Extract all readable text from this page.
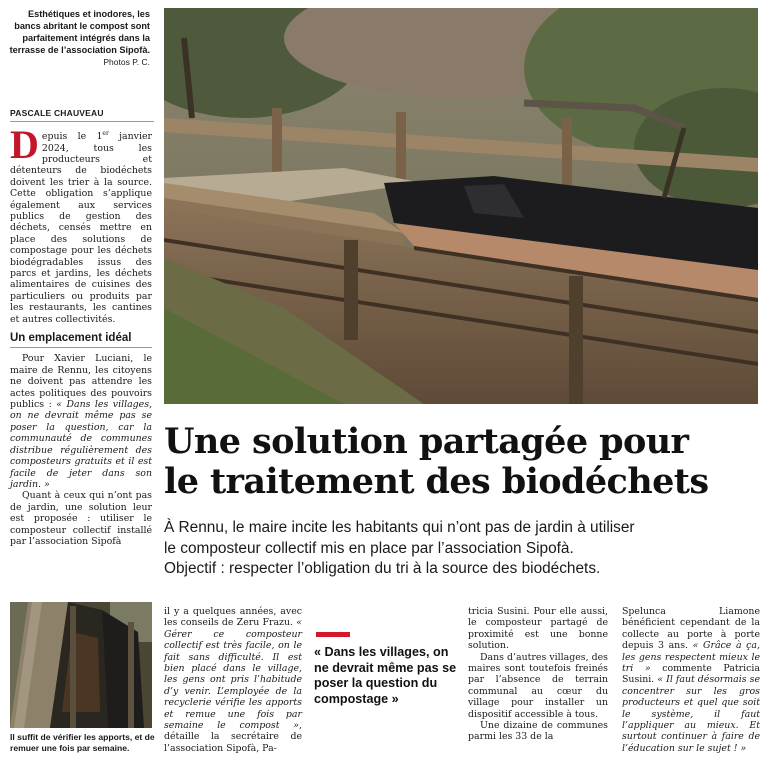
Esthétiques et inodores, les bancs abritant le compost sont parfaitement intégrés dans la terrasse de l’association Sipofà.
Photos P. C.
PASCALE CHAUVEAU

Depuis le 1er janvier 2024, tous les producteurs et détenteurs de biodéchets doivent les trier à la source. Cette obligation s’applique également aux services publics de gestion des déchets, censés mettre en place des solutions de compostage pour les déchets biodégradables issus des parcs et jardins, les déchets alimentaires de cuisines des particuliers ou produits par les restaurants, les cantines et autres collectivités.

Un emplacement idéal

Pour Xavier Luciani, le maire de Rennu, les citoyens ne doivent pas attendre les actes politiques des pouvoirs publics : « Dans les villages, on ne devrait même pas se poser la question, car la communauté de communes distribue régulièrement des composteurs gratuits et il est facile de jeter dans son jardin. »

Quant à ceux qui n’ont pas de jardin, une solution leur est proposée : utiliser le composteur collectif installé par l’association Sipofà

Il suffit de vérifier les apports, et de remuer une fois par semaine.
Une solution partagée pour
le traitement des biodéchets
À Rennu, le maire incite les habitants qui n’ont pas de jardin à utiliser
le composteur collectif mis en place par l’association Sipofà.
Objectif : respecter l’obligation du tri à la source des biodéchets.

il y a quelques années, avec les conseils de Zeru Frazu. « Gérer ce composteur collectif est très facile, on le fait sans difficulté. Il est bien placé dans le village, les gens ont pris l’habitude d’y venir. L’employée de la recyclerie vérifie les apports et remue une fois par semaine le compost », détaille la secrétaire de l’association Sipofà, Pa-

« Dans les villages, on ne devrait même pas se poser la question du compostage »

tricia Susini. Pour elle aussi, le composteur partagé de proximité est une bonne solution.

Dans d’autres villages, des maires sont toutefois freinés par l’absence de terrain communal au cœur du village pour installer un dispositif accessible à tous.

Une dizaine de communes parmi les 33 de la

Spelunca Liamone bénéficient cependant de la collecte au porte à porte depuis 3 ans. « Grâce à ça, les gens respectent mieux le tri » commente Patricia Susini. « Il faut désormais se concentrer sur les gros producteurs et quel que soit le système, il faut l’appliquer au mieux. Et surtout continuer à faire de l’éducation sur le sujet ! »
